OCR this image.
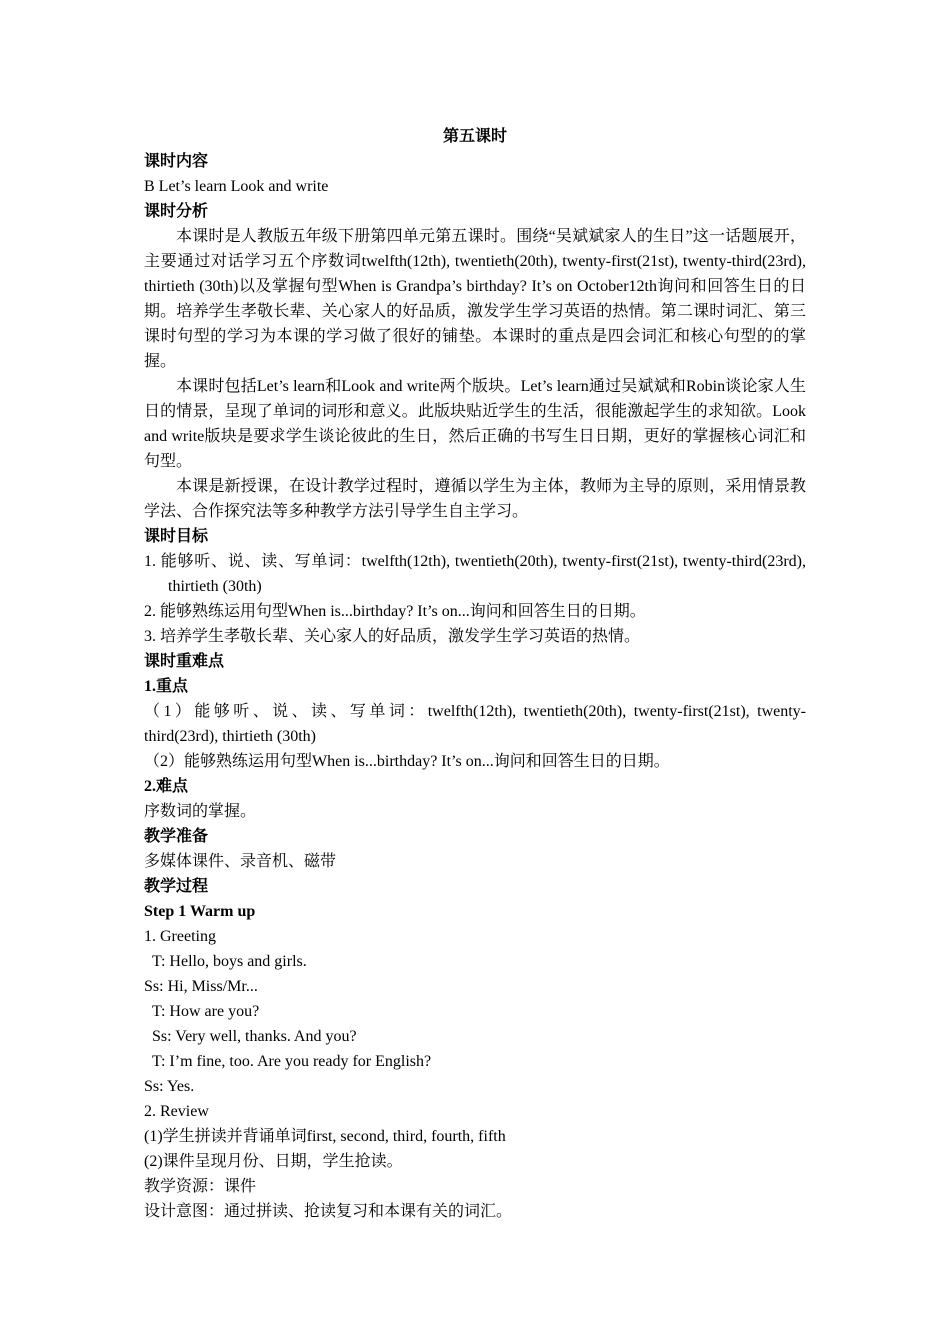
第五课时

课时内容

B Let’s learn Look and write

课时分析

本课时是人教版五年级下册第四单元第五课时。围绕“吴斌斌家人的生日”这一话题展开，主要通过对话学习五个序数词twelfth(12th), twentieth(20th), twenty-first(21st), twenty-third(23rd), thirtieth (30th)以及掌握句型When is Grandpa’s birthday? It’s on October12th询问和回答生日的日期。培养学生孝敬长辈、关心家人的好品质，激发学生学习英语的热情。第二课时词汇、第三课时句型的学习为本课的学习做了很好的铺垫。本课时的重点是四会词汇和核心句型的的掌握。

本课时包括Let’s learn和Look and write两个版块。Let’s learn通过吴斌斌和Robin谈论家人生日的情景，呈现了单词的词形和意义。此版块贴近学生的生活，很能激起学生的求知欲。Look and write版块是要求学生谈论彼此的生日，然后正确的书写生日日期，更好的掌握核心词汇和句型。

本课是新授课，在设计教学过程时，遵循以学生为主体，教师为主导的原则，采用情景教学法、合作探究法等多种教学方法引导学生自主学习。

课时目标

1. 能够听、说、读、写单词：twelfth(12th), twentieth(20th), twenty-first(21st), twenty-third(23rd), thirtieth (30th)

2. 能够熟练运用句型When is...birthday? It’s on...询问和回答生日的日期。

3. 培养学生孝敬长辈、关心家人的好品质，激发学生学习英语的热情。

课时重难点

1.重点

（1）能够听、说、读、写单词：twelfth(12th), twentieth(20th), twenty-first(21st), twenty-third(23rd), thirtieth (30th)

（2）能够熟练运用句型When is...birthday? It’s on...询问和回答生日的日期。

2.难点

序数词的掌握。

教学准备

多媒体课件、录音机、磁带

教学过程

Step 1 Warm up

1. Greeting

T: Hello, boys and girls.

Ss: Hi, Miss/Mr...

T: How are you?

Ss: Very well, thanks. And you?

T: I’m fine, too. Are you ready for English?

Ss: Yes.

2. Review

(1)学生拼读并背诵单词first, second, third, fourth, fifth

(2)课件呈现月份、日期，学生抢读。

教学资源：课件

设计意图：通过拼读、抢读复习和本课有关的词汇。
